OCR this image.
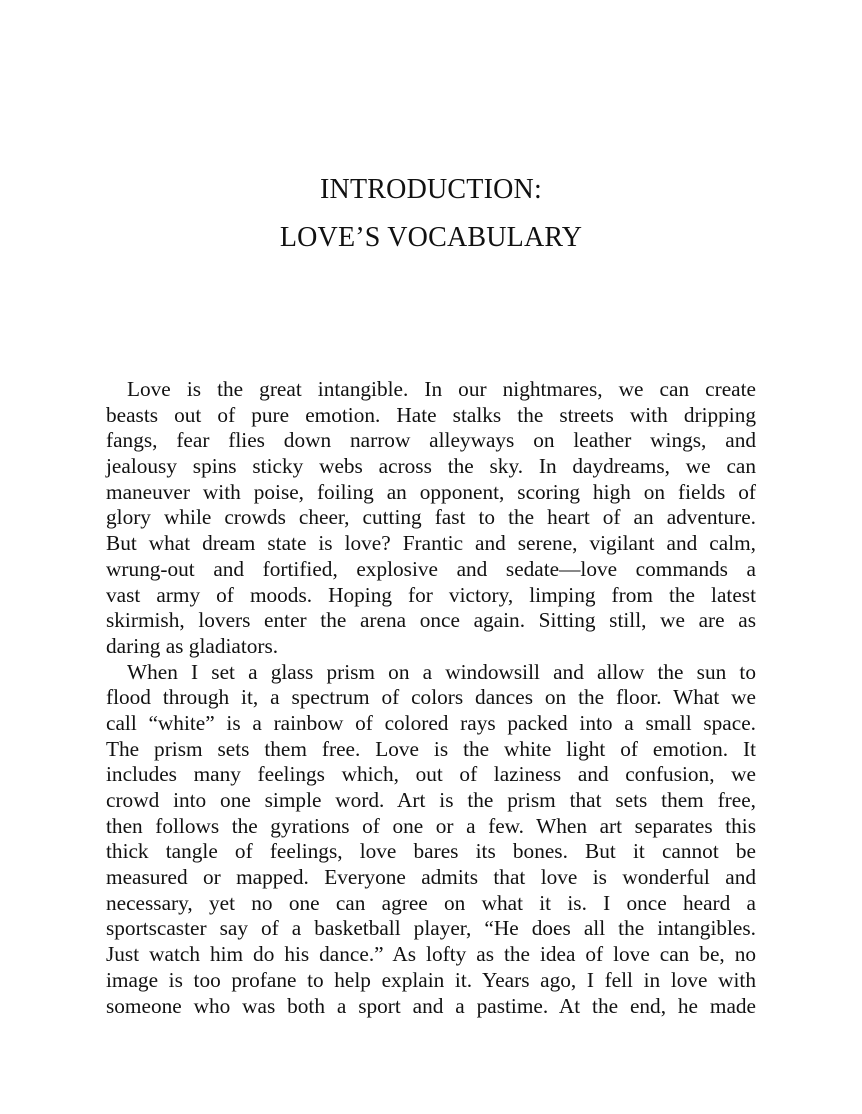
INTRODUCTION:
LOVE’S VOCABULARY
Love is the great intangible. In our nightmares, we can create
beasts out of pure emotion. Hate stalks the streets with dripping
fangs, fear flies down narrow alleyways on leather wings, and
jealousy spins sticky webs across the sky. In daydreams, we can
maneuver with poise, foiling an opponent, scoring high on fields of
glory while crowds cheer, cutting fast to the heart of an adventure.
But what dream state is love? Frantic and serene, vigilant and calm,
wrung-out and fortified, explosive and sedate—love commands a
vast army of moods. Hoping for victory, limping from the latest
skirmish, lovers enter the arena once again. Sitting still, we are as
daring as gladiators.
When I set a glass prism on a windowsill and allow the sun to
flood through it, a spectrum of colors dances on the floor. What we
call “white” is a rainbow of colored rays packed into a small space.
The prism sets them free. Love is the white light of emotion. It
includes many feelings which, out of laziness and confusion, we
crowd into one simple word. Art is the prism that sets them free,
then follows the gyrations of one or a few. When art separates this
thick tangle of feelings, love bares its bones. But it cannot be
measured or mapped. Everyone admits that love is wonderful and
necessary, yet no one can agree on what it is. I once heard a
sportscaster say of a basketball player, “He does all the intangibles.
Just watch him do his dance.” As lofty as the idea of love can be, no
image is too profane to help explain it. Years ago, I fell in love with
someone who was both a sport and a pastime. At the end, he made
